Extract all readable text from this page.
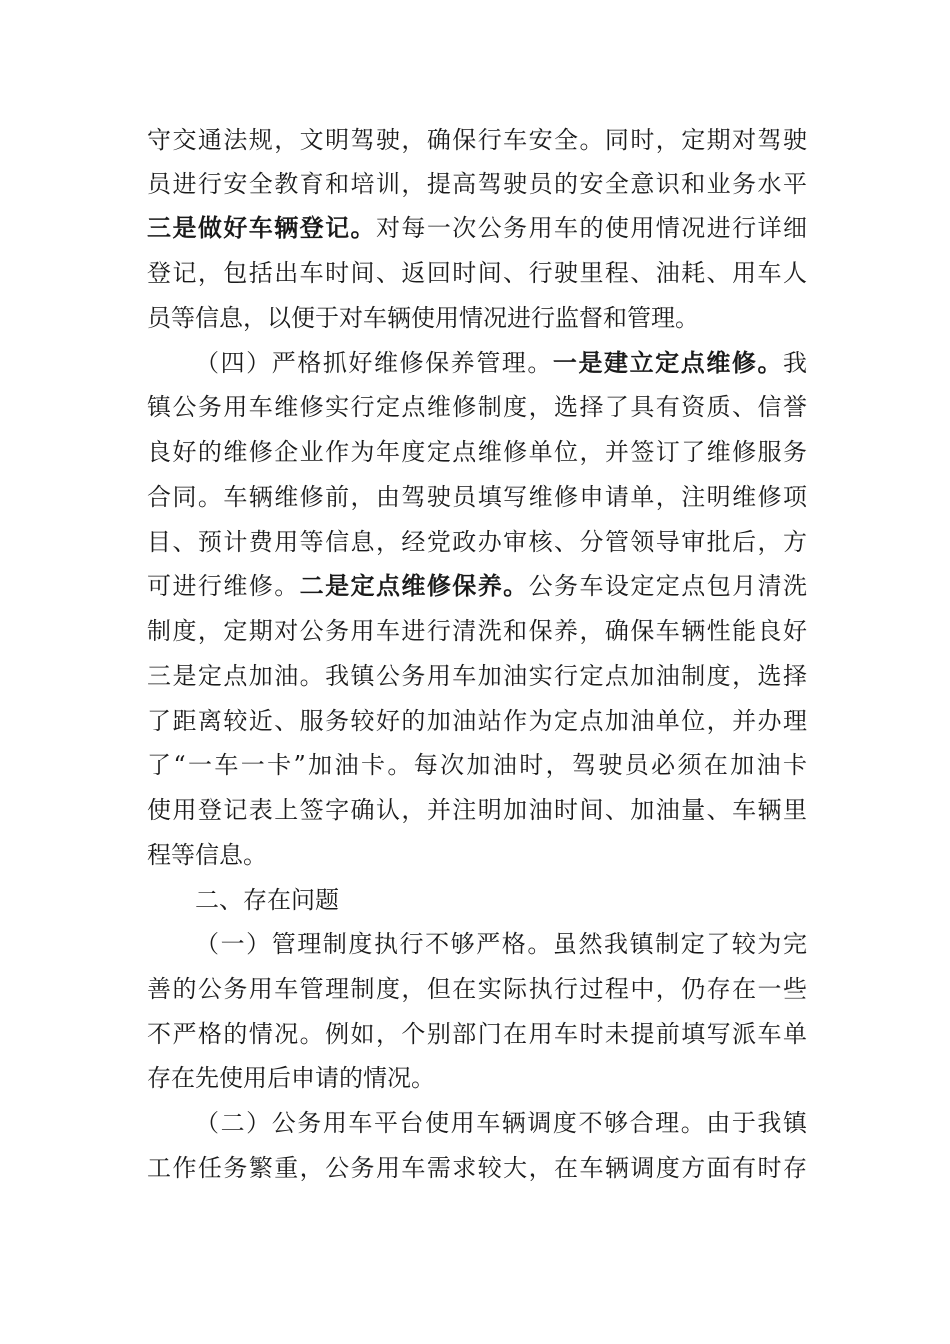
守交通法规，文明驾驶，确保行车安全。同时，定期对驾驶
员进行安全教育和培训，提高驾驶员的安全意识和业务水平
三是做好车辆登记。对每一次公务用车的使用情况进行详细
登记，包括出车时间、返回时间、行驶里程、油耗、用车人
员等信息，以便于对车辆使用情况进行监督和管理。
（四）严格抓好维修保养管理。一是建立定点维修。我
镇公务用车维修实行定点维修制度，选择了具有资质、信誉
良好的维修企业作为年度定点维修单位，并签订了维修服务
合同。车辆维修前，由驾驶员填写维修申请单，注明维修项
目、预计费用等信息，经党政办审核、分管领导审批后，方
可进行维修。二是定点维修保养。公务车设定定点包月清洗
制度，定期对公务用车进行清洗和保养，确保车辆性能良好
三是定点加油。我镇公务用车加油实行定点加油制度，选择
了距离较近、服务较好的加油站作为定点加油单位，并办理
了“一车一卡”加油卡。每次加油时，驾驶员必须在加油卡
使用登记表上签字确认，并注明加油时间、加油量、车辆里
程等信息。
二、存在问题
（一）管理制度执行不够严格。虽然我镇制定了较为完
善的公务用车管理制度，但在实际执行过程中，仍存在一些
不严格的情况。例如，个别部门在用车时未提前填写派车单
存在先使用后申请的情况。
（二）公务用车平台使用车辆调度不够合理。由于我镇
工作任务繁重，公务用车需求较大，在车辆调度方面有时存
